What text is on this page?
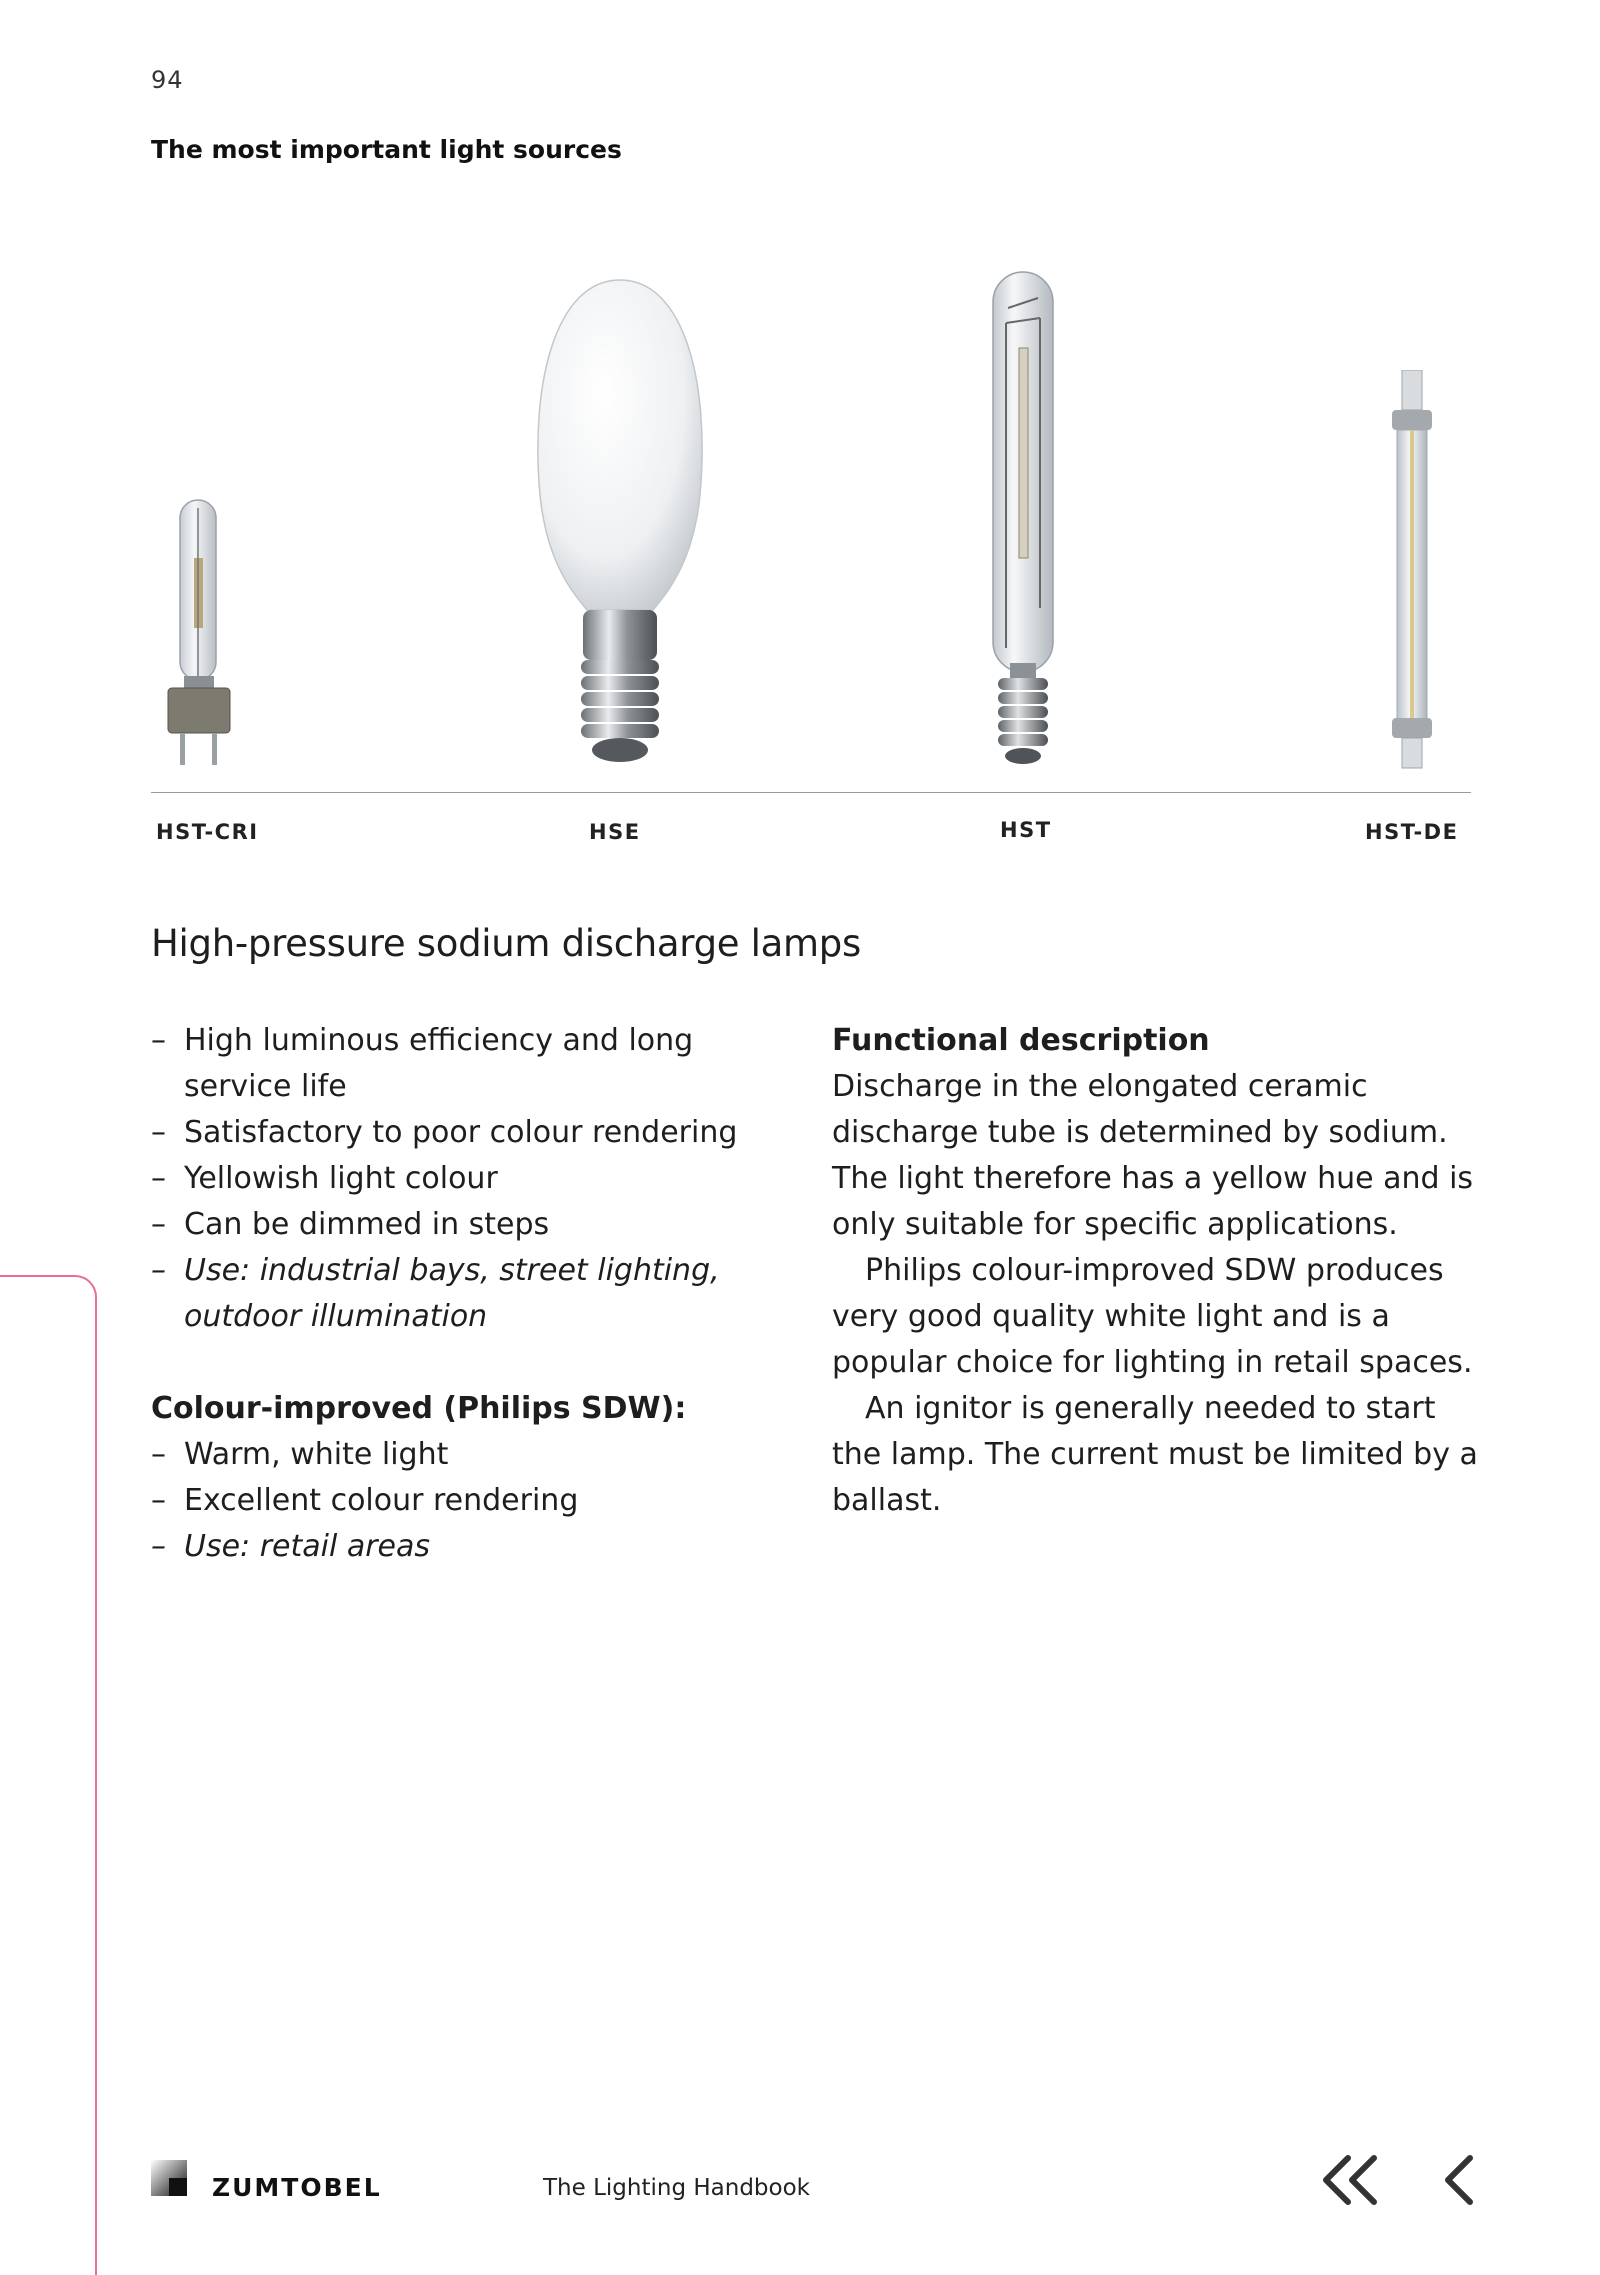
94
The most important light sources
HST-CRI	HSE	HST	HST-DE
High-pressure sodium discharge lamps
– High luminous efficiency and long service life
– Satisfactory to poor colour rendering
– Yellowish light colour
– Can be dimmed in steps
– Use: industrial bays, street lighting, outdoor illumination
Colour-improved (Philips SDW):
– Warm, white light
– Excellent colour rendering
– Use: retail areas
Functional description

Discharge in the elongated ceramic discharge tube is determined by sodium. The light therefore has a yellow hue and is only suitable for specific applications.

Philips colour-improved SDW produces very good quality white light and is a popular choice for lighting in retail spaces.

An ignitor is generally needed to start the lamp. The current must be limited by a ballast.

ZUMTOBEL	The Lighting Handbook
